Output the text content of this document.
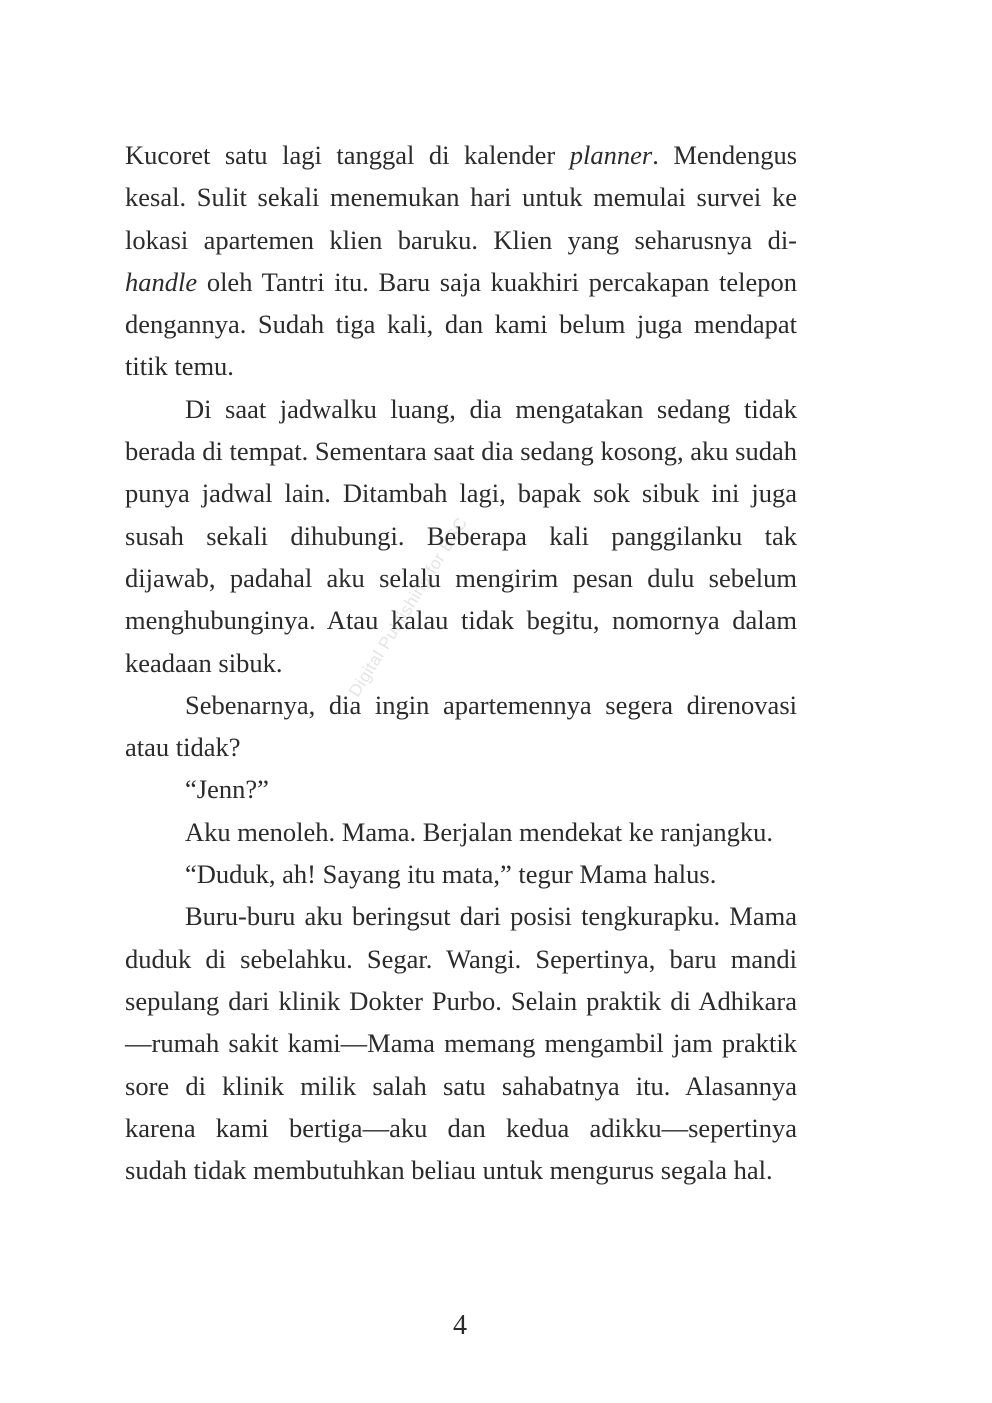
Kucoret satu lagi tanggal di kalender planner. Mendengus kesal. Sulit sekali menemukan hari untuk memulai survei ke lokasi apartemen klien baruku. Klien yang seharusnya di-handle oleh Tantri itu. Baru saja kuakhiri percakapan telepon dengannya. Sudah tiga kali, dan kami belum juga mendapat titik temu.

Di saat jadwalku luang, dia mengatakan sedang tidak berada di tempat. Sementara saat dia sedang kosong, aku sudah punya jadwal lain. Ditambah lagi, bapak sok sibuk ini juga susah sekali dihubungi. Beberapa kali panggilanku tak dijawab, padahal aku selalu mengirim pesan dulu sebelum menghubunginya. Atau kalau tidak begitu, nomornya dalam keadaan sibuk.

Sebenarnya, dia ingin apartemennya segera direnovasi atau tidak?

“Jenn?”

Aku menoleh. Mama. Berjalan mendekat ke ranjangku.

“Duduk, ah! Sayang itu mata,” tegur Mama halus.

Buru-buru aku beringsut dari posisi tengkurapku. Mama duduk di sebelahku. Segar. Wangi. Sepertinya, baru mandi sepulang dari klinik Dokter Purbo. Selain praktik di Adhikara—rumah sakit kami—Mama memang mengambil jam praktik sore di klinik milik salah satu sahabatnya itu. Alasannya karena kami bertiga—aku dan kedua adikku—sepertinya sudah tidak membutuhkan beliau untuk mengurus segala hal.

Digital Publishing for BSC
4
